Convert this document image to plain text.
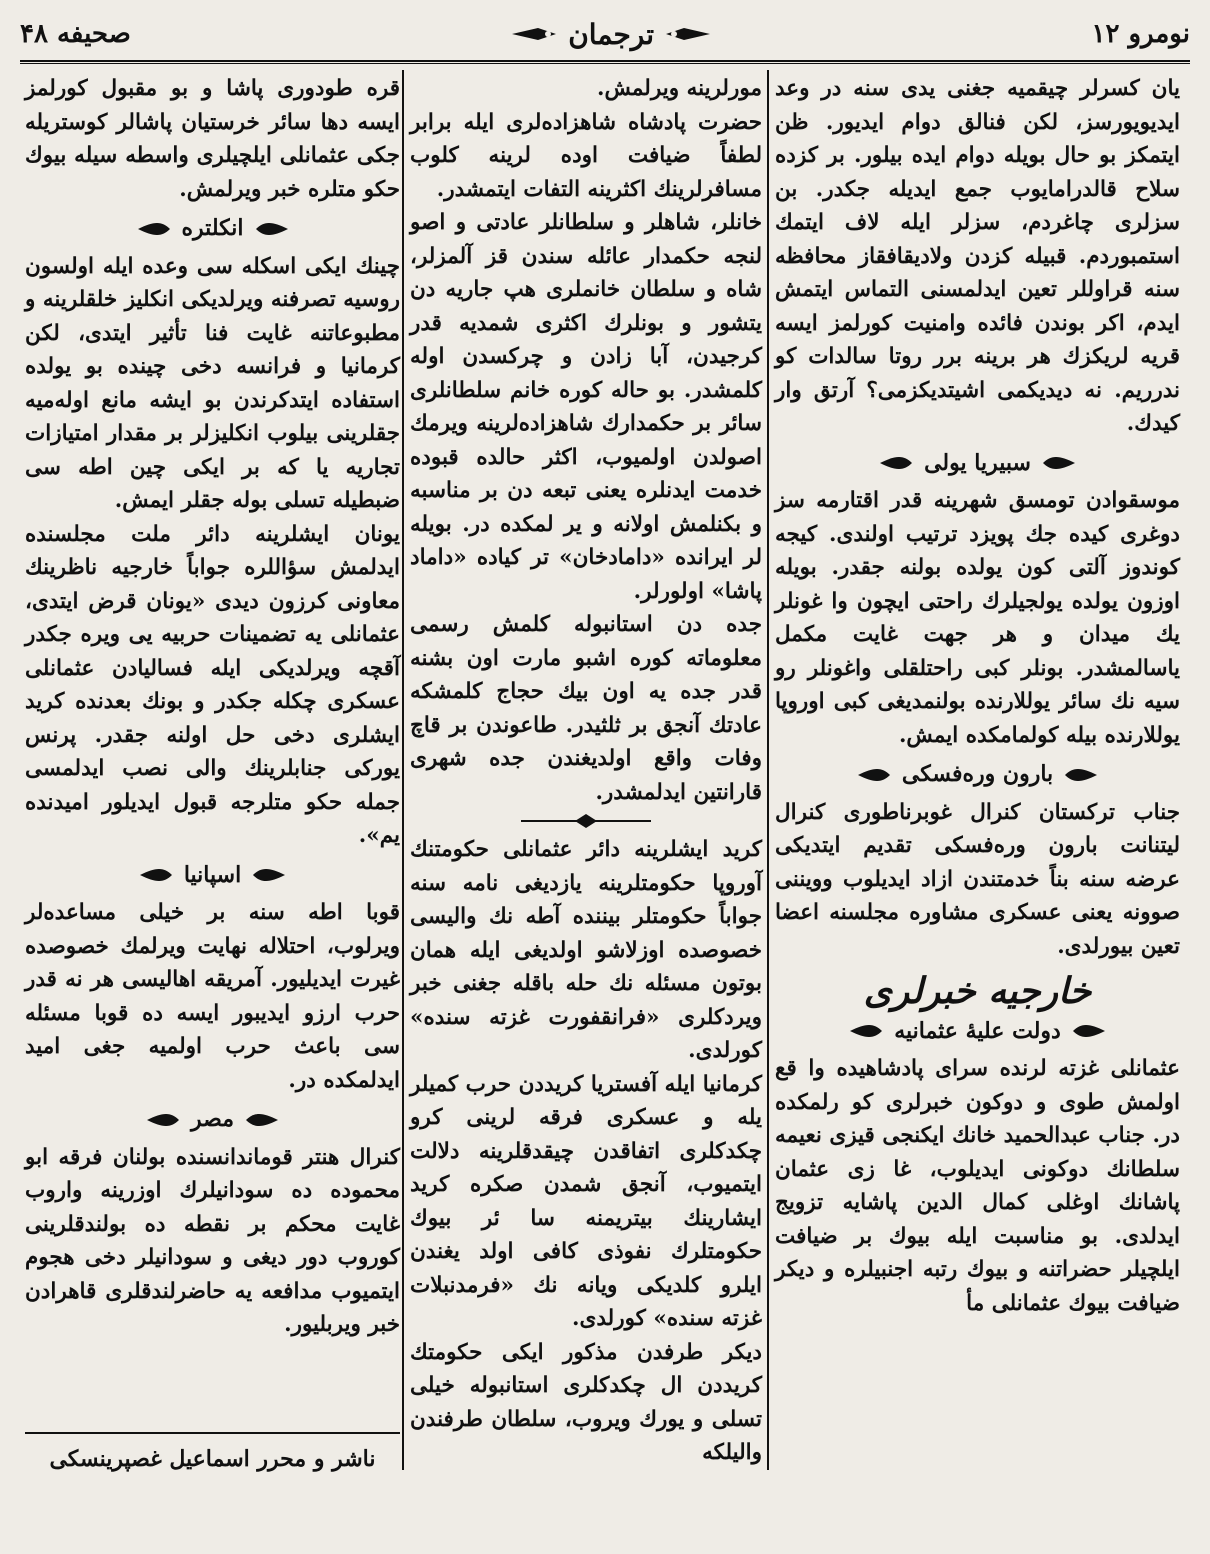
صحيفه ۴۸	ترجمان	نومرو ۱۲

يان كسرلر چيقميه جغنى يدى سنه در وعد ايديويورسز، لكن فنالق دوام ايديور. ظن ايتمكز بو حال بويله دوام ايده بيلور. بر كزده سلاح قالدرامايوب جمع ايديله جكدر. بن سزلرى چاغردم، سزلر ايله لاف ايتمك استمبوردم. قبيله كزدن ولاديقافقاز محافظه سنه قراوللر تعين ايدلمسنى التماس ايتمش ايدم، اكر بوندن فائده وامنيت كورلمز ايسه قريه لريكزك هر برينه برر روتا سالدات كو ندرريم. نه ديديكمى اشيتديكزمى؟ آرتق وار كيدك.

سبيريا يولى

موسقوادن تومسق شهرينه قدر اقتارمه سز دوغرى كيده جك پويزد ترتيب اولندى. كيجه كوندوز آلتى كون يولده بولنه جقدر. بويله اوزون يولده يولجيلرك راحتى ايچون وا غونلر يك ميدان و هر جهت غايت مكمل ياسالمشدر. بونلر كبى راحتلقلى واغونلر رو سيه نك سائر يوللارنده بولنمديغى كبى اوروپا يوللارنده بيله كولمامكده ايمش.

بارون ورەفسكى

جناب تركستان كنرال غوبرناطورى كنرال ليتنانت بارون ورەفسكى تقديم ايتديكى عرضه سنه بناً خدمتندن ازاد ايديلوب وويننى صوونه يعنى عسكرى مشاوره مجلسنه اعضا تعين بيورلدى.

خارجيه خبرلرى
دولت عليهٔ عثمانيه

عثمانلى غزته لرنده سراى پادشاهيده وا قع اولمش طوى و دوكون خبرلرى كو رلمكده در. جناب عبدالحميد خانك ايكنجى قيزى نعيمه سلطانك دوكونى ايديلوب، غا زى عثمان پاشانك اوغلى كمال الدين پاشايه تزويج ايدلدى. بو مناسبت ايله بيوك بر ضيافت ايلچيلر حضراتنه و بيوك رتبه اجنبيلره و ديكر ضيافت بيوك عثمانلى مأ

مورلرينه ويرلمش.

حضرت پادشاه شاهزادەلرى ايله برابر لطفاً ضيافت اوده لرينه كلوب مسافرلرينك اكثرينه التفات ايتمشدر.

خانلر، شاهلر و سلطانلر عادتى و اصو لنجه حكمدار عائله سندن قز آلمزلر، شاه و سلطان خانملرى هپ جاريه دن يتشور و بونلرك اكثرى شمديه قدر كرجيدن، آبا زادن و چركسدن اوله كلمشدر. بو حاله كوره خانم سلطانلرى سائر بر حكمدارك شاهزادەلرينه ويرمك اصولدن اولميوب، اكثر حالده قبوده خدمت ايدنلره يعنى تبعه دن بر مناسبه و بكنلمش اولانه و ير لمكده در. بويله لر ايرانده «دامادخان» تر كياده «داماد پاشا» اولورلر.

جده دن استانبوله كلمش رسمى معلوماته كوره اشبو مارت اون بشنه قدر جده يه اون بيك حجاج كلمشكه عادتك آنجق بر ثلثيدر. طاعوندن بر قاچ وفات واقع اولديغندن جده شهرى قارانتين ايدلمشدر.

كريد ايشلرينه دائر عثمانلى حكومتنك آوروپا حكومتلرينه يازديغى نامه سنه جواباً حكومتلر بيننده آطه نك واليسى خصوصده اوزلاشو اولديغى ايله همان بوتون مسئله نك حله باقله جغنى خبر ويردكلرى «فرانقفورت غزته سنده» كورلدى.

كرمانيا ايله آفستريا كريددن حرب كميلر يله و عسكرى فرقه لرينى كرو چكدكلرى اتفاقدن چيقدقلرينه دلالت ايتميوب، آنجق شمدن صكره كريد ايشارينك بيتريمنه سا ئر بيوك حكومتلرك نفوذى كافى اولد يغندن ايلرو كلديكى ويانه نك «فرمدنبلات غزته سنده» كورلدى.

ديكر طرفدن مذكور ايكى حكومتك كريددن ال چكدكلرى استانبوله خيلى تسلى و يورك ويروب، سلطان طرفندن واليلكه

قره طودورى پاشا و بو مقبول كورلمز ايسه دها سائر خرستيان پاشالر كوستريله جكى عثمانلى ايلچيلرى واسطه سيله بيوك حكو متلره خبر ويرلمش.

انكلتره

چينك ايكى اسكله سى وعده ايله اولسون روسيه تصرفنه ويرلديكى انكليز خلقلرينه و مطبوعاتنه غايت فنا تأثير ايتدى، لكن كرمانيا و فرانسه دخى چينده بو يولده استفاده ايتدكرندن بو ايشه مانع اولەميه جقلرينى بيلوب انكليزلر بر مقدار امتيازات تجاريه يا كه بر ايكى چين اطه سى ضبطيله تسلى بوله جقلر ايمش.

يونان ايشلرينه دائر ملت مجلسنده ايدلمش سؤاللره جواباً خارجيه ناظرينك معاونى كرزون ديدى «يونان قرض ايتدى، عثمانلى يه تضمينات حربيه يى ويره جكدر آقچه ويرلديكى ايله فساليادن عثمانلى عسكرى چكله جكدر و بونك بعدنده كريد ايشلرى دخى حل اولنه جقدر. پرنس يوركى جنابلرينك والى نصب ايدلمسى جمله حكو متلرجه قبول ايديلور اميدنده يم».

اسپانيا

قوبا اطه سنه بر خيلى مساعدەلر ويرلوب، احتلاله نهايت ويرلمك خصوصده غيرت ايديليور. آمريقه اهاليسى هر نه قدر حرب ارزو ايديبور ايسه ده قوبا مسئله سى باعث حرب اولميه جغى اميد ايدلمكده در.

مصر

كنرال هنتر قوماندانسنده بولنان فرقه ابو محموده ده سودانيلرك اوزرينه واروب غايت محكم بر نقطه ده بولندقلرينى كوروب دور ديغى و سودانيلر دخى هجوم ايتميوب مدافعه يه حاضرلندقلرى قاهرادن خبر ويربليور.

ناشر و محرر اسماعيل غصپرينسكى
